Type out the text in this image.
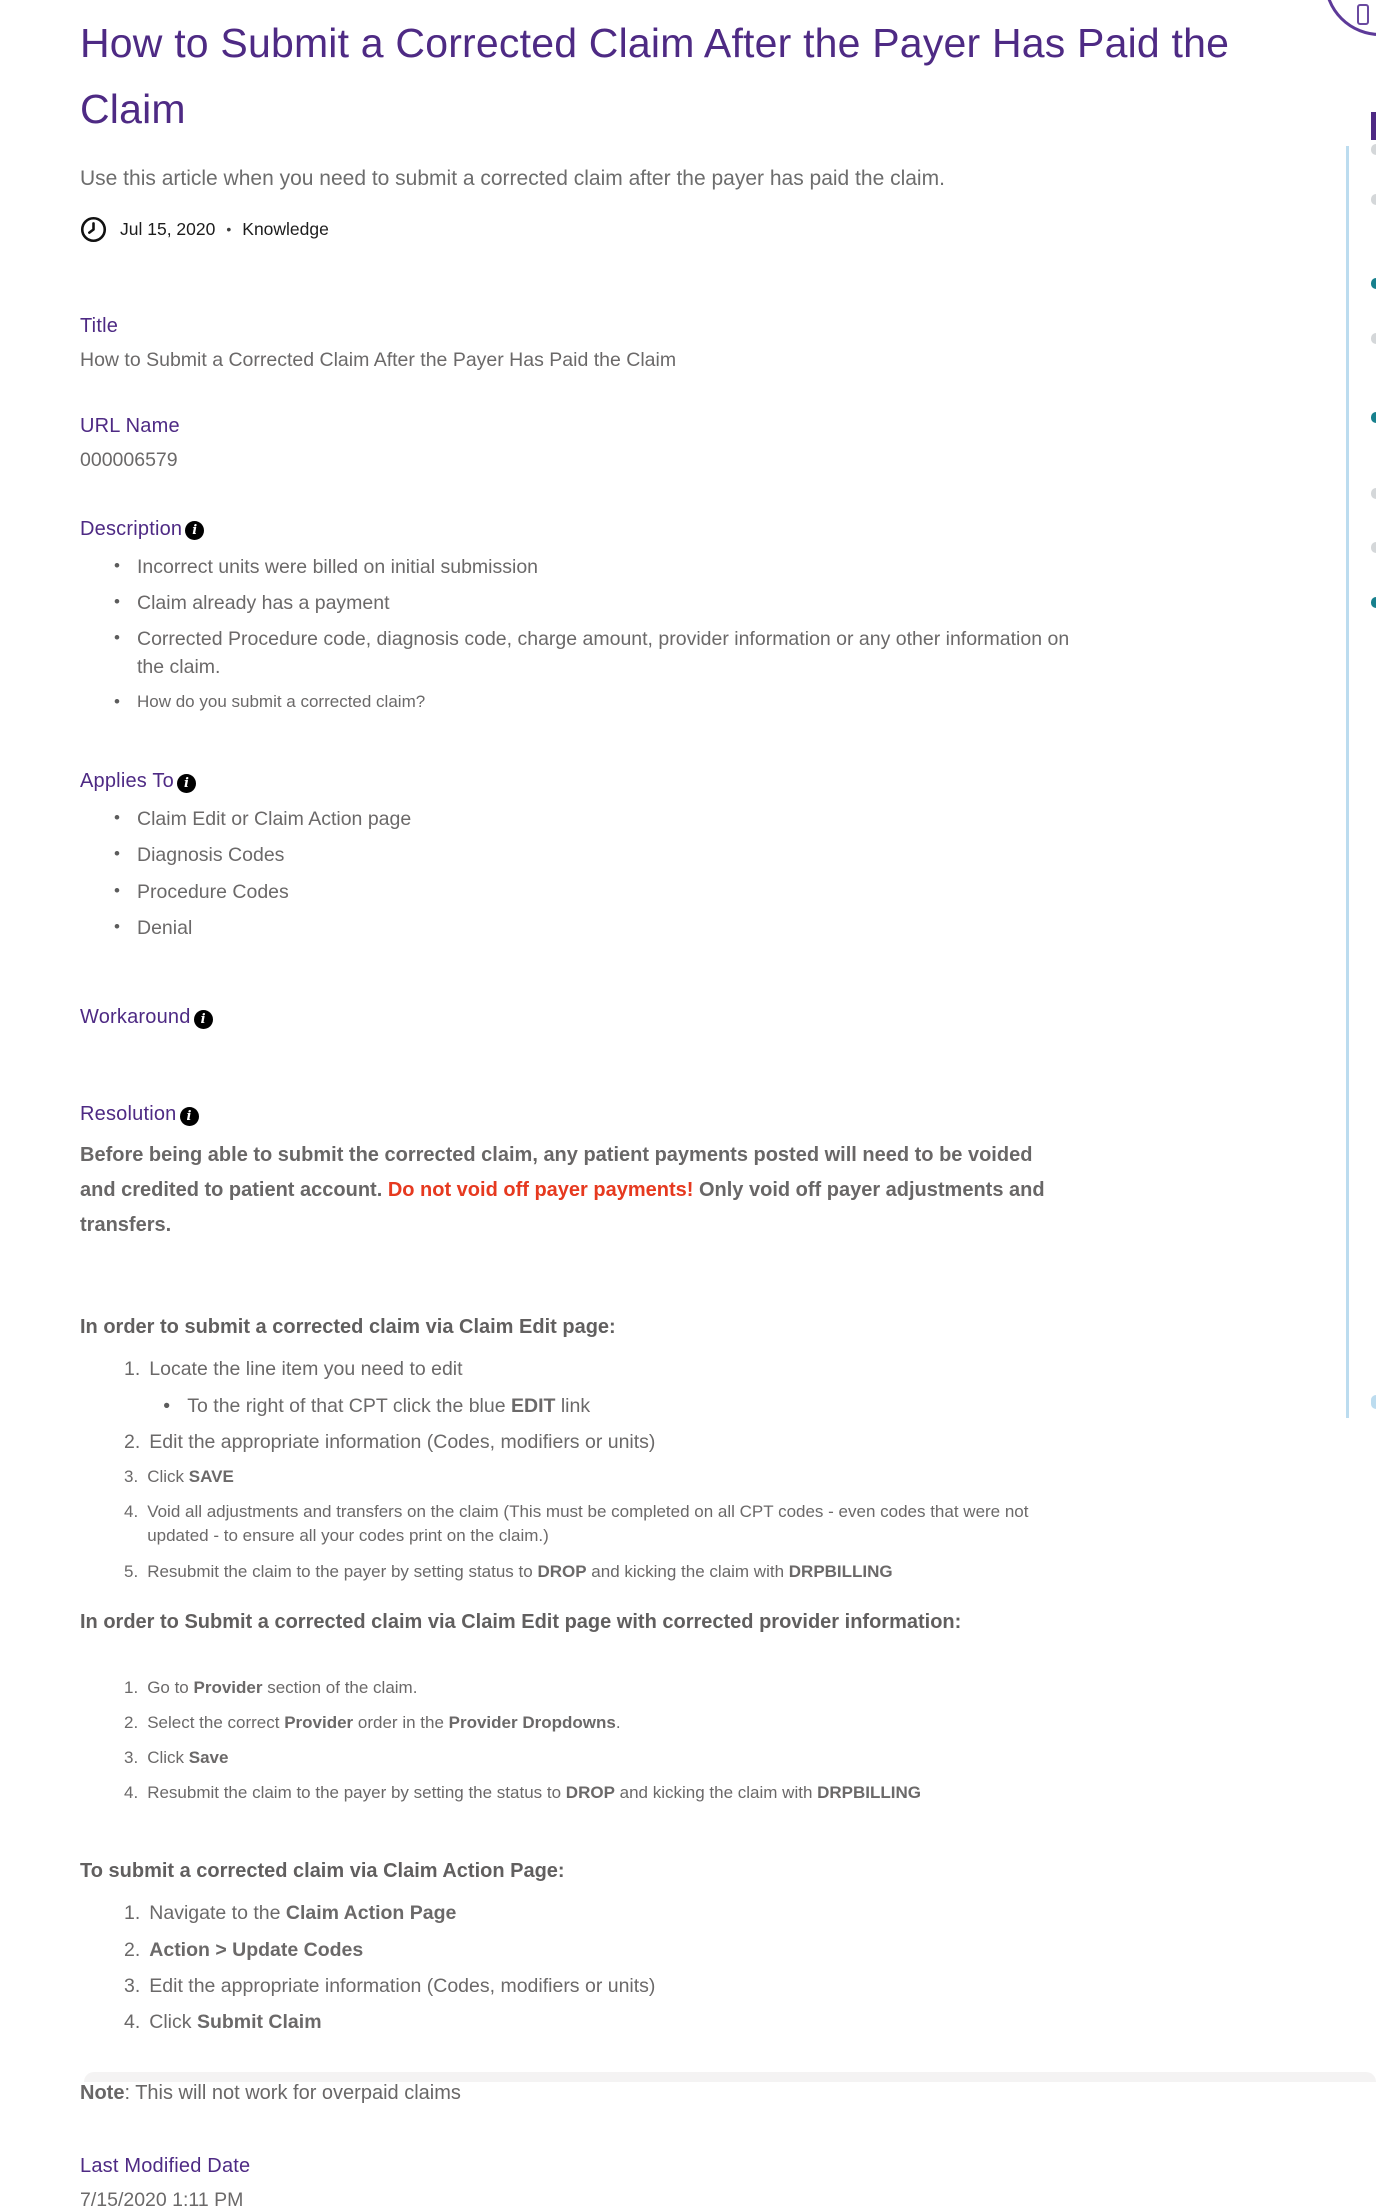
How to Submit a Corrected Claim After the Payer Has Paid the Claim
Use this article when you need to submit a corrected claim after the payer has paid the claim.
Jul 15, 2020 • Knowledge
Title
How to Submit a Corrected Claim After the Payer Has Paid the Claim
URL Name
000006579
Description i
• Incorrect units were billed on initial submission
• Claim already has a payment
• Corrected Procedure code, diagnosis code, charge amount, provider information or any other information on the claim.
• How do you submit a corrected claim?
Applies To i
• Claim Edit or Claim Action page
• Diagnosis Codes
• Procedure Codes
• Denial
Workaround i
Resolution i

Before being able to submit the corrected claim, any patient payments posted will need to be voided and credited to patient account. Do not void off payer payments! Only void off payer adjustments and transfers.

In order to submit a corrected claim via Claim Edit page:

1. Locate the line item you need to edit
• To the right of that CPT click the blue EDIT link
2. Edit the appropriate information (Codes, modifiers or units)
3. Click SAVE
4. Void all adjustments and transfers on the claim (This must be completed on all CPT codes - even codes that were not updated - to ensure all your codes print on the claim.)
5. Resubmit the claim to the payer by setting status to DROP and kicking the claim with DRPBILLING

In order to Submit a corrected claim via Claim Edit page with corrected provider information:

1. Go to Provider section of the claim.
2. Select the correct Provider order in the Provider Dropdowns.
3. Click Save
4. Resubmit the claim to the payer by setting the status to DROP and kicking the claim with DRPBILLING

To submit a corrected claim via Claim Action Page:

1. Navigate to the Claim Action Page
2. Action > Update Codes
3. Edit the appropriate information (Codes, modifiers or units)
4. Click Submit Claim

Note: This will not work for overpaid claims

Last Modified Date
7/15/2020 1:11 PM
